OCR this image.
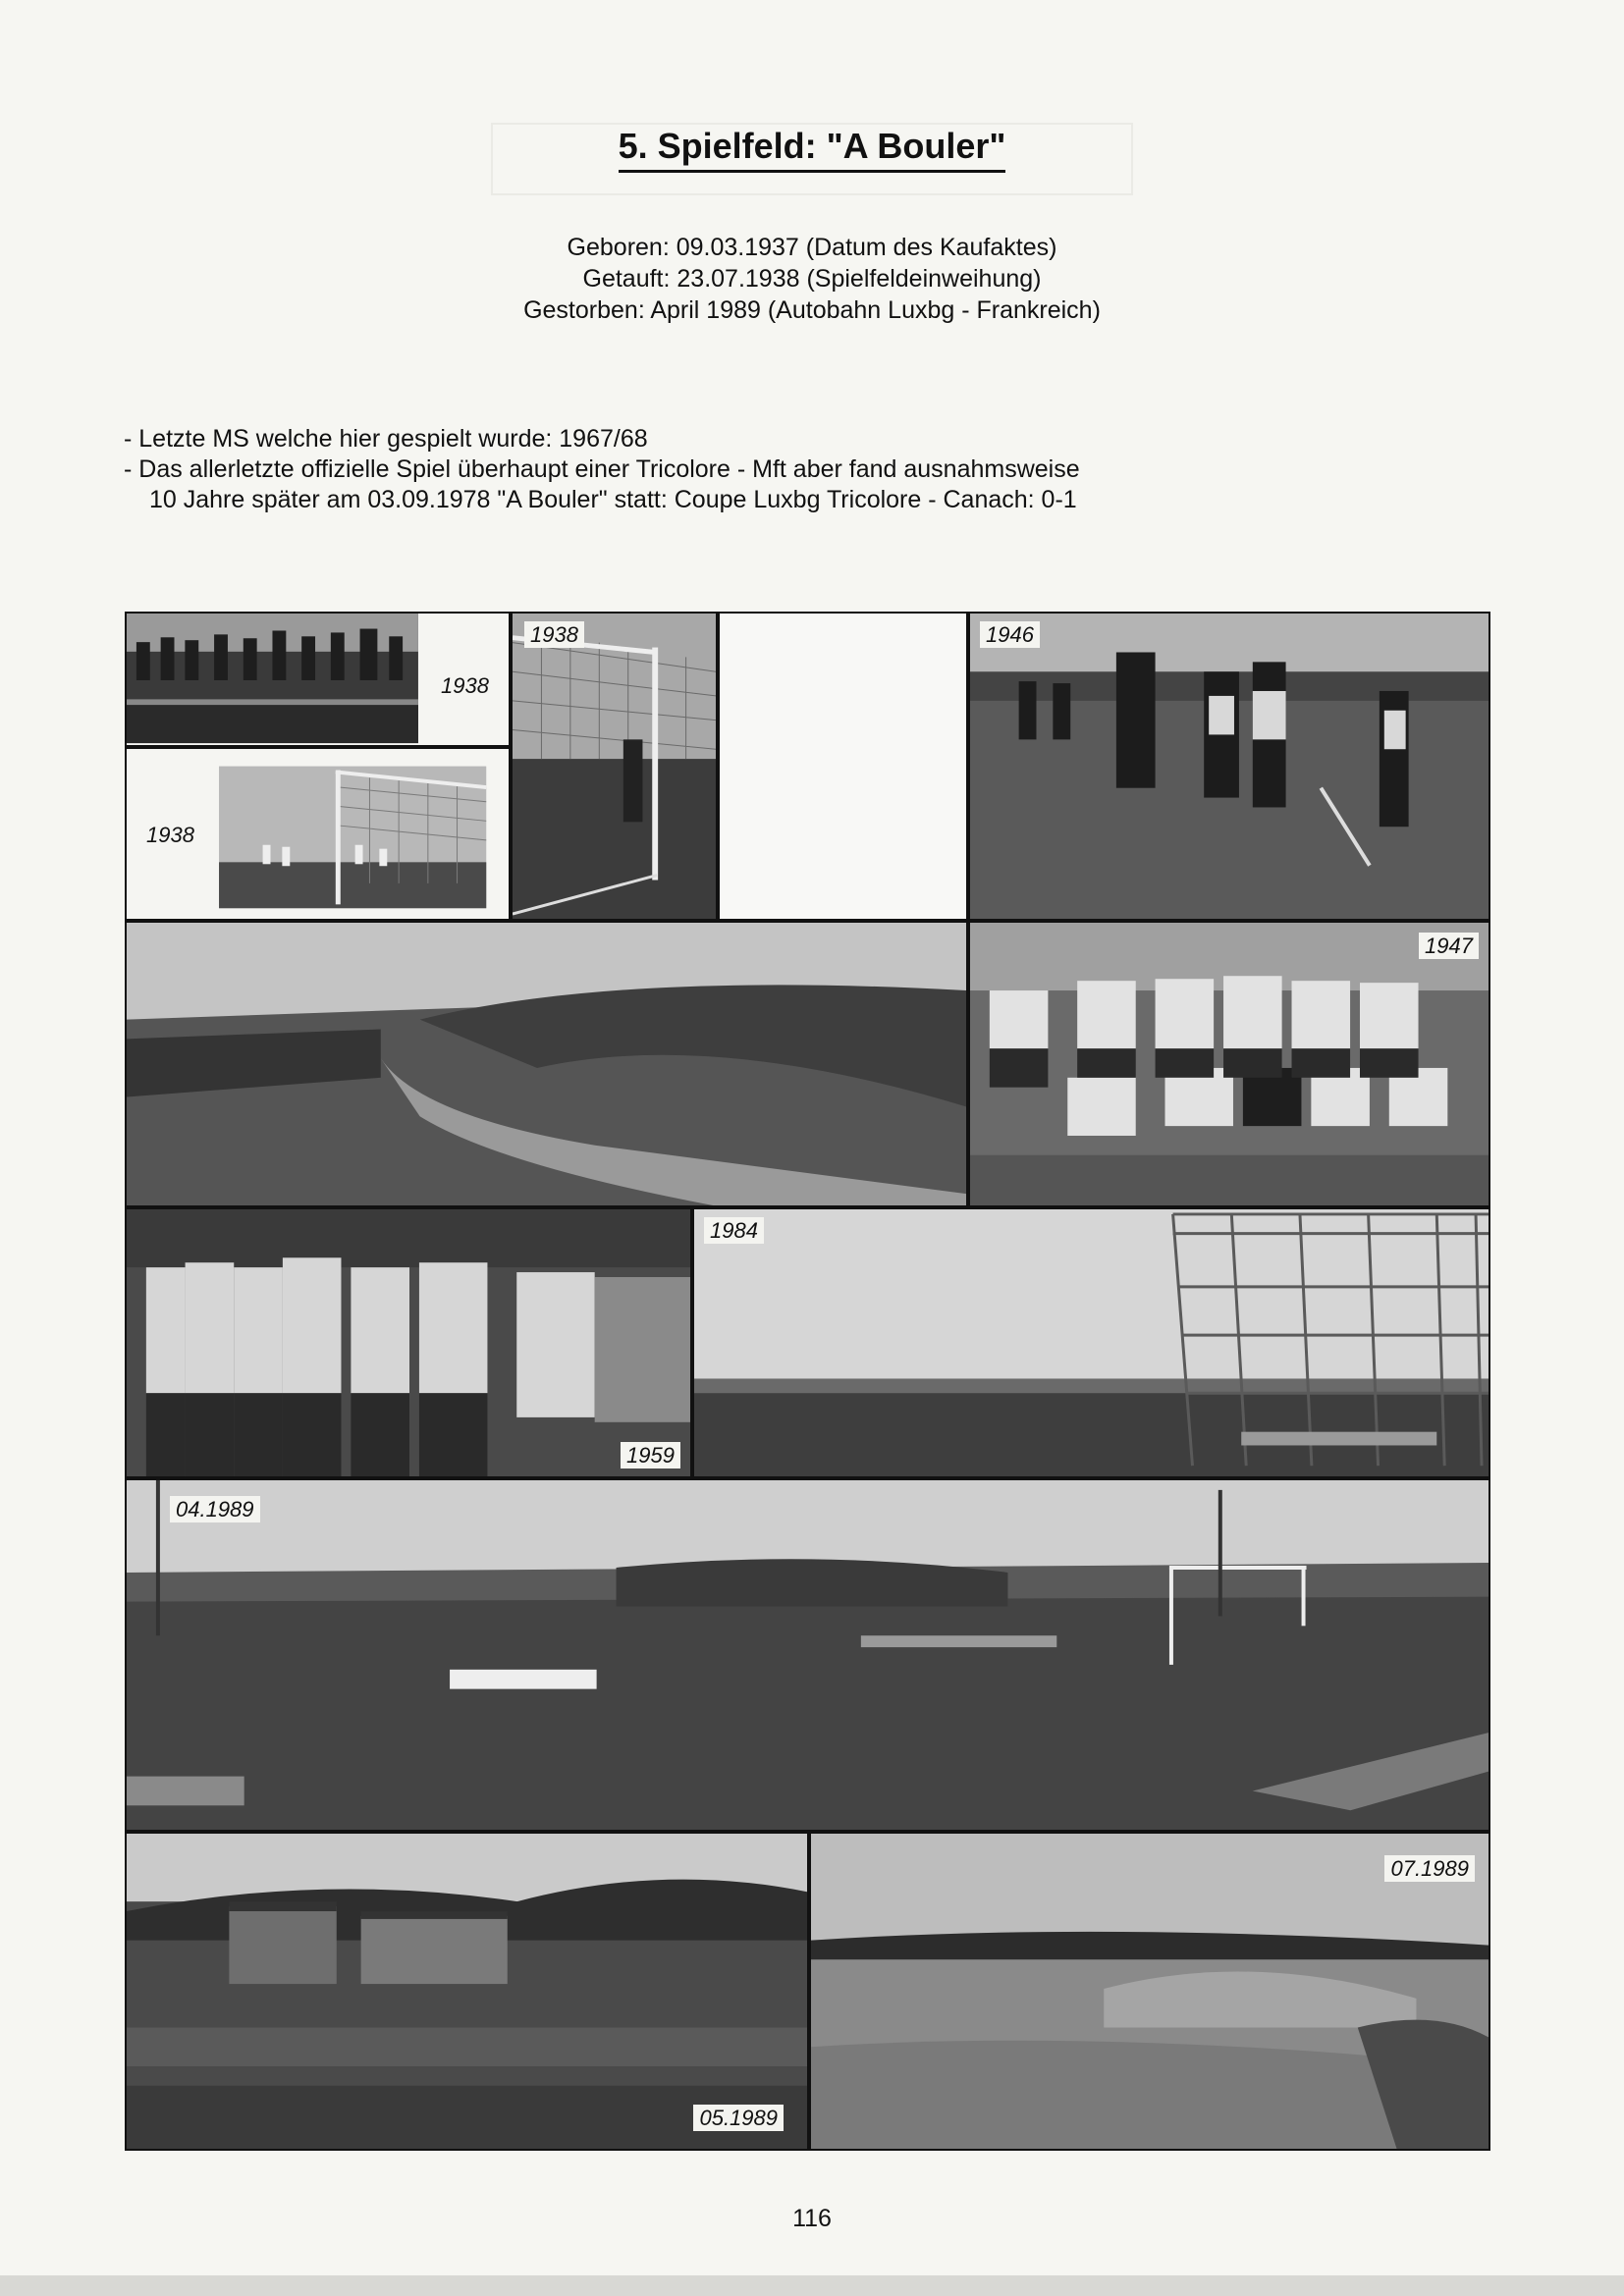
5. Spielfeld: "A Bouler"
Geboren: 09.03.1937 (Datum des Kaufaktes)
Getauft: 23.07.1938 (Spielfeldeinweihung)
Gestorben: April 1989 (Autobahn Luxbg - Frankreich)
- Letzte MS welche hier gespielt wurde: 1967/68
- Das allerletzte offizielle Spiel überhaupt einer Tricolore - Mft aber fand ausnahmsweise
10 Jahre später am 03.09.1978 "A Bouler" statt: Coupe Luxbg Tricolore - Canach: 0-1
1938
1938	1946
1938
1947
1959
1984
04.1989
05.1989
07.1989
116
